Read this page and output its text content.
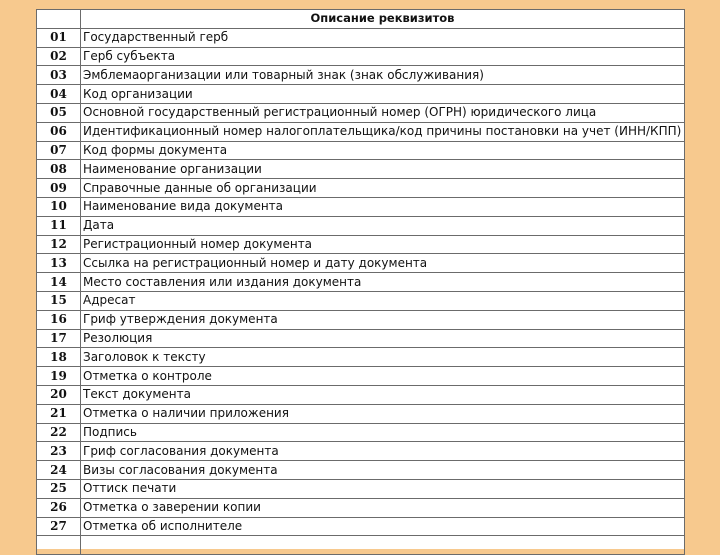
	Описание реквизитов
01	Государственный герб
02	Герб субъекта
03	Эмблемаорганизации или товарный знак (знак обслуживания)
04	Код организации
05	Основной государственный регистрационный номер (ОГРН) юридического лица
06	Идентификационный номер налогоплательщика/код причины постановки на учет (ИНН/КПП)
07	Код формы документа
08	Наименование организации
09	Справочные данные об организации
10	Наименование вида документа
11	Дата
12	Регистрационный номер документа
13	Ссылка на регистрационный номер и дату документа
14	Место составления или издания документа
15	Адресат
16	Гриф утверждения документа
17	Резолюция
18	Заголовок к тексту
19	Отметка о контроле
20	Текст документа
21	Отметка о наличии приложения
22	Подпись
23	Гриф согласования документа
24	Визы согласования документа
25	Оттиск печати
26	Отметка о заверении копии
27	Отметка об исполнителе
